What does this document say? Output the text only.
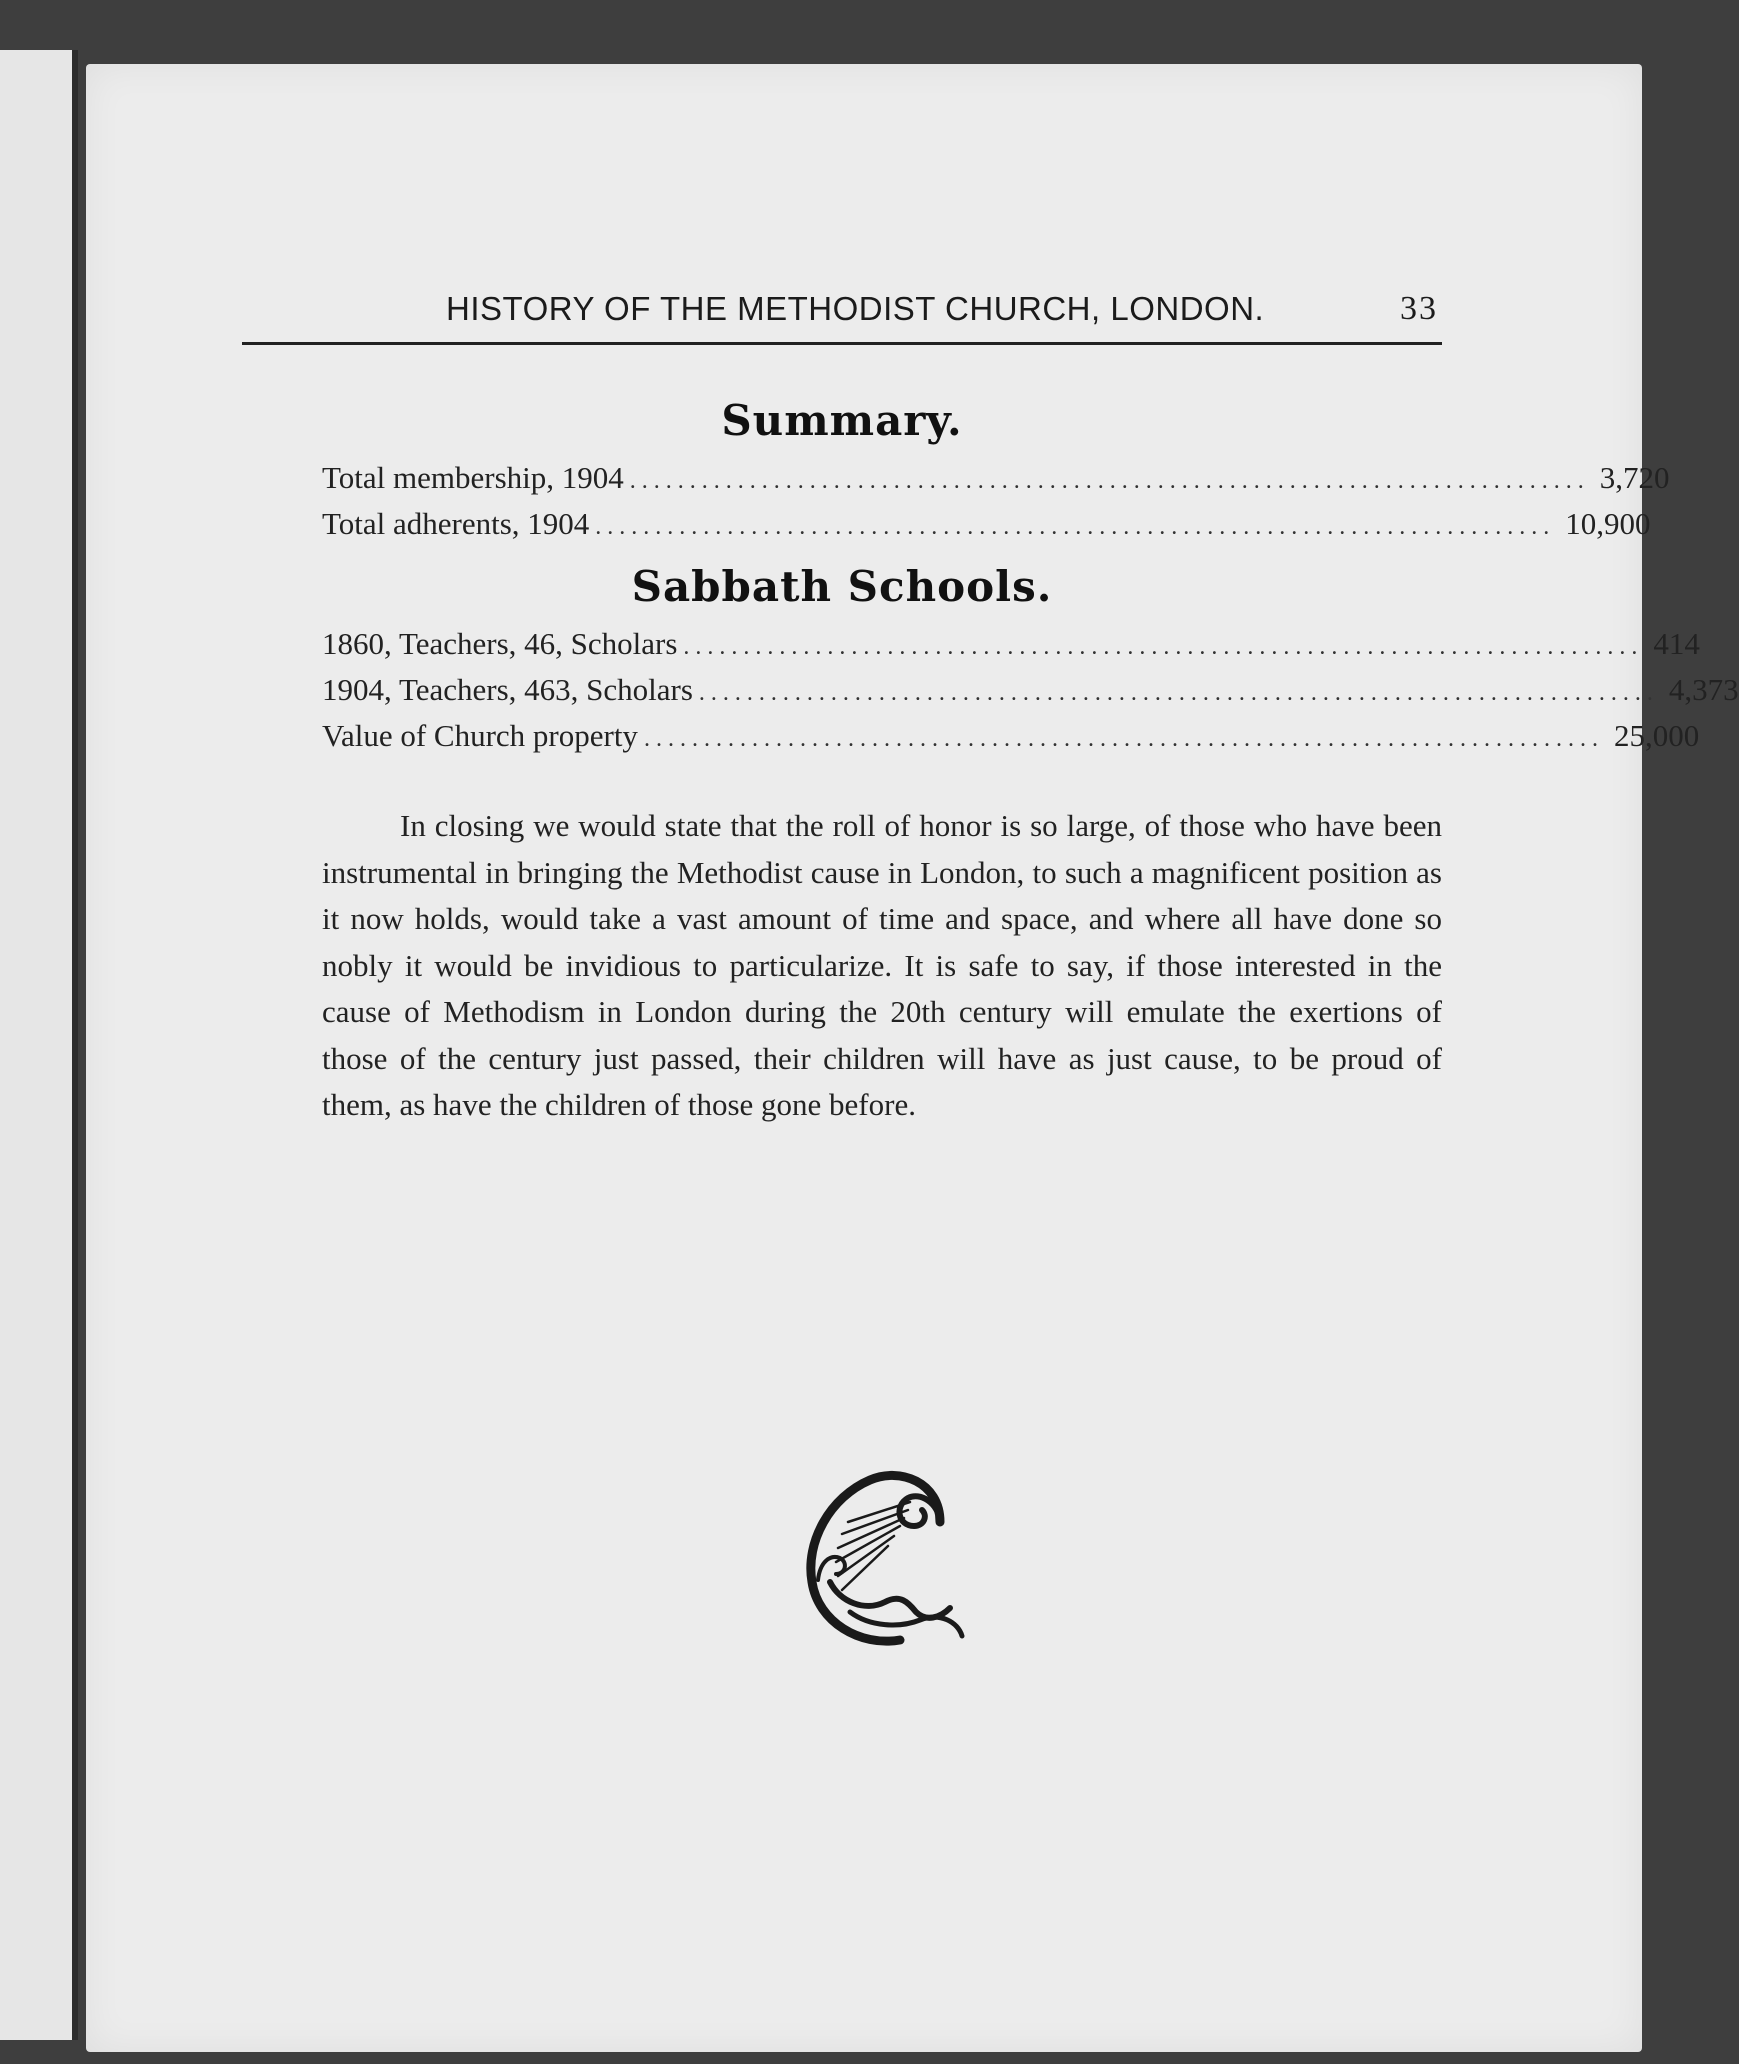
HISTORY OF THE METHODIST CHURCH, LONDON.	33
Summary.
Total membership, 1904 ................................................................................ 3,720
Total adherents, 1904 ................................................................................ 10,900
Sabbath Schools.
1860, Teachers, 46, Scholars ................................................................................ 414
1904, Teachers, 463, Scholars ................................................................................ 4,373
Value of Church property ................................................................................ 25,000

In closing we would state that the roll of honor is so large, of those who have been instrumental in bringing the Methodist cause in London, to such a magnificent position as it now holds, would take a vast amount of time and space, and where all have done so nobly it would be invidious to particularize. It is safe to say, if those interested in the cause of Methodism in London during the 20th century will emulate the exertions of those of the century just passed, their children will have as just cause, to be proud of them, as have the children of those gone before.
